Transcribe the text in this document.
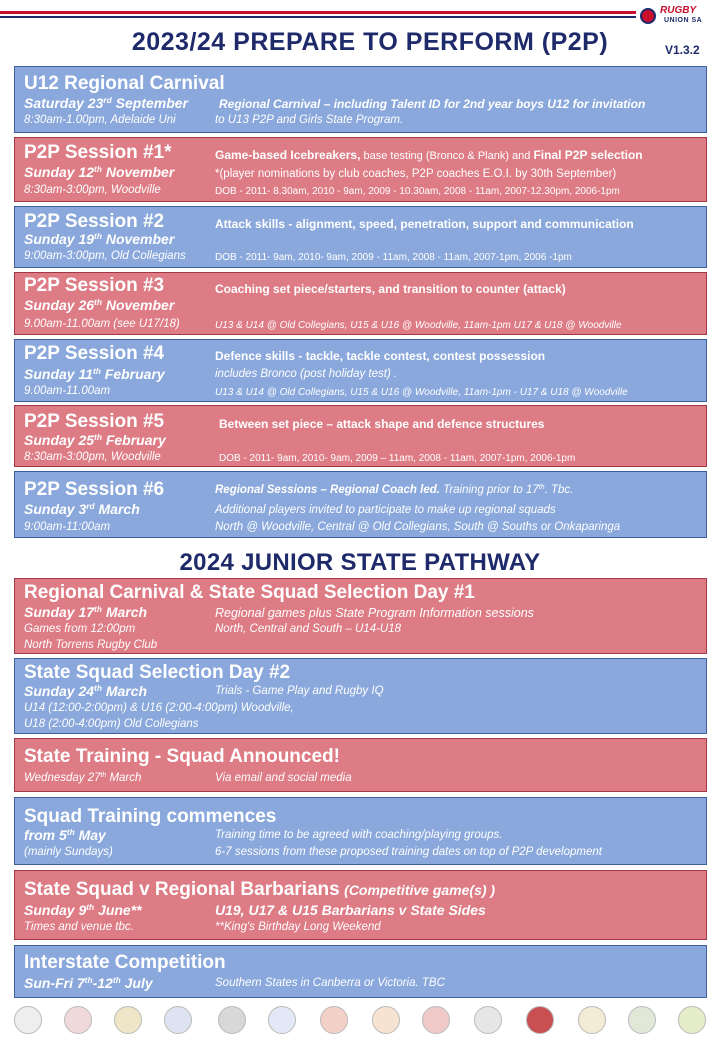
RUGBY
UNION SA
2023/24 PREPARE TO PERFORM (P2P)	V1.3.2
U12 Regional Carnival
Saturday 23rd September
8:30am-1.00pm, Adelaide Uni
Regional Carnival – including Talent ID for 2nd year boys U12 for invitation
to U13 P2P and Girls State Program.
P2P Session #1*
Sunday 12th November
8:30am-3:00pm, Woodville
Game-based Icebreakers, base testing (Bronco & Plank) and Final P2P selection
*(player nominations by club coaches, P2P coaches E.O.I. by 30th September)
DOB - 2011- 8.30am, 2010 - 9am, 2009 - 10.30am, 2008 - 11am, 2007-12.30pm, 2006-1pm
P2P Session #2
Sunday 19th November
9:00am-3:00pm, Old Collegians
Attack skills - alignment, speed, penetration, support and communication
DOB - 2011- 9am, 2010- 9am, 2009 - 11am, 2008 - 11am, 2007-1pm, 2006 -1pm
P2P Session #3
Sunday 26th November
9.00am-11.00am (see U17/18)
Coaching set piece/starters, and transition to counter (attack)
U13 & U14 @ Old Collegians, U15 & U16 @ Woodville, 11am-1pm U17 & U18 @ Woodville
P2P Session #4
Sunday 11th February
9.00am-11.00am
Defence skills - tackle, tackle contest, contest possession
includes Bronco (post holiday test) .
U13 & U14 @ Old Collegians, U15 & U16 @ Woodville, 11am-1pm - U17 & U18 @ Woodville
P2P Session #5
Sunday 25th February
8:30am-3:00pm, Woodville
Between set piece – attack shape and defence structures
DOB - 2011- 9am, 2010- 9am, 2009 – 11am, 2008 - 11am, 2007-1pm, 2006-1pm
P2P Session #6
Sunday 3rd March
9:00am-11:00am
Regional Sessions – Regional Coach led. Training prior to 17th. Tbc.
Additional players invited to participate to make up regional squads
North @ Woodville, Central @ Old Collegians, South @ Souths or Onkaparinga
2024 JUNIOR STATE PATHWAY
Regional Carnival & State Squad Selection Day #1
Sunday 17th March
Games from 12:00pm
North Torrens Rugby Club
Regional games plus State Program Information sessions
North, Central and South – U14-U18
State Squad Selection Day #2
Sunday 24th March	Trials - Game Play and Rugby IQ
U14 (12:00-2:00pm) & U16 (2:00-4:00pm) Woodville,
U18 (2:00-4:00pm) Old Collegians
State Training - Squad Announced!
Wednesday 27th March	Via email and social media
Squad Training commences
from 5th May
(mainly Sundays)
Training time to be agreed with coaching/playing groups.
6-7 sessions from these proposed training dates on top of P2P development
State Squad v Regional Barbarians (Competitive game(s) )
Sunday 9th June**
Times and venue tbc.
U19, U17 & U15 Barbarians v State Sides
**King's Birthday Long Weekend
Interstate Competition
Sun-Fri 7th-12th July	Southern States in Canberra or Victoria. TBC
